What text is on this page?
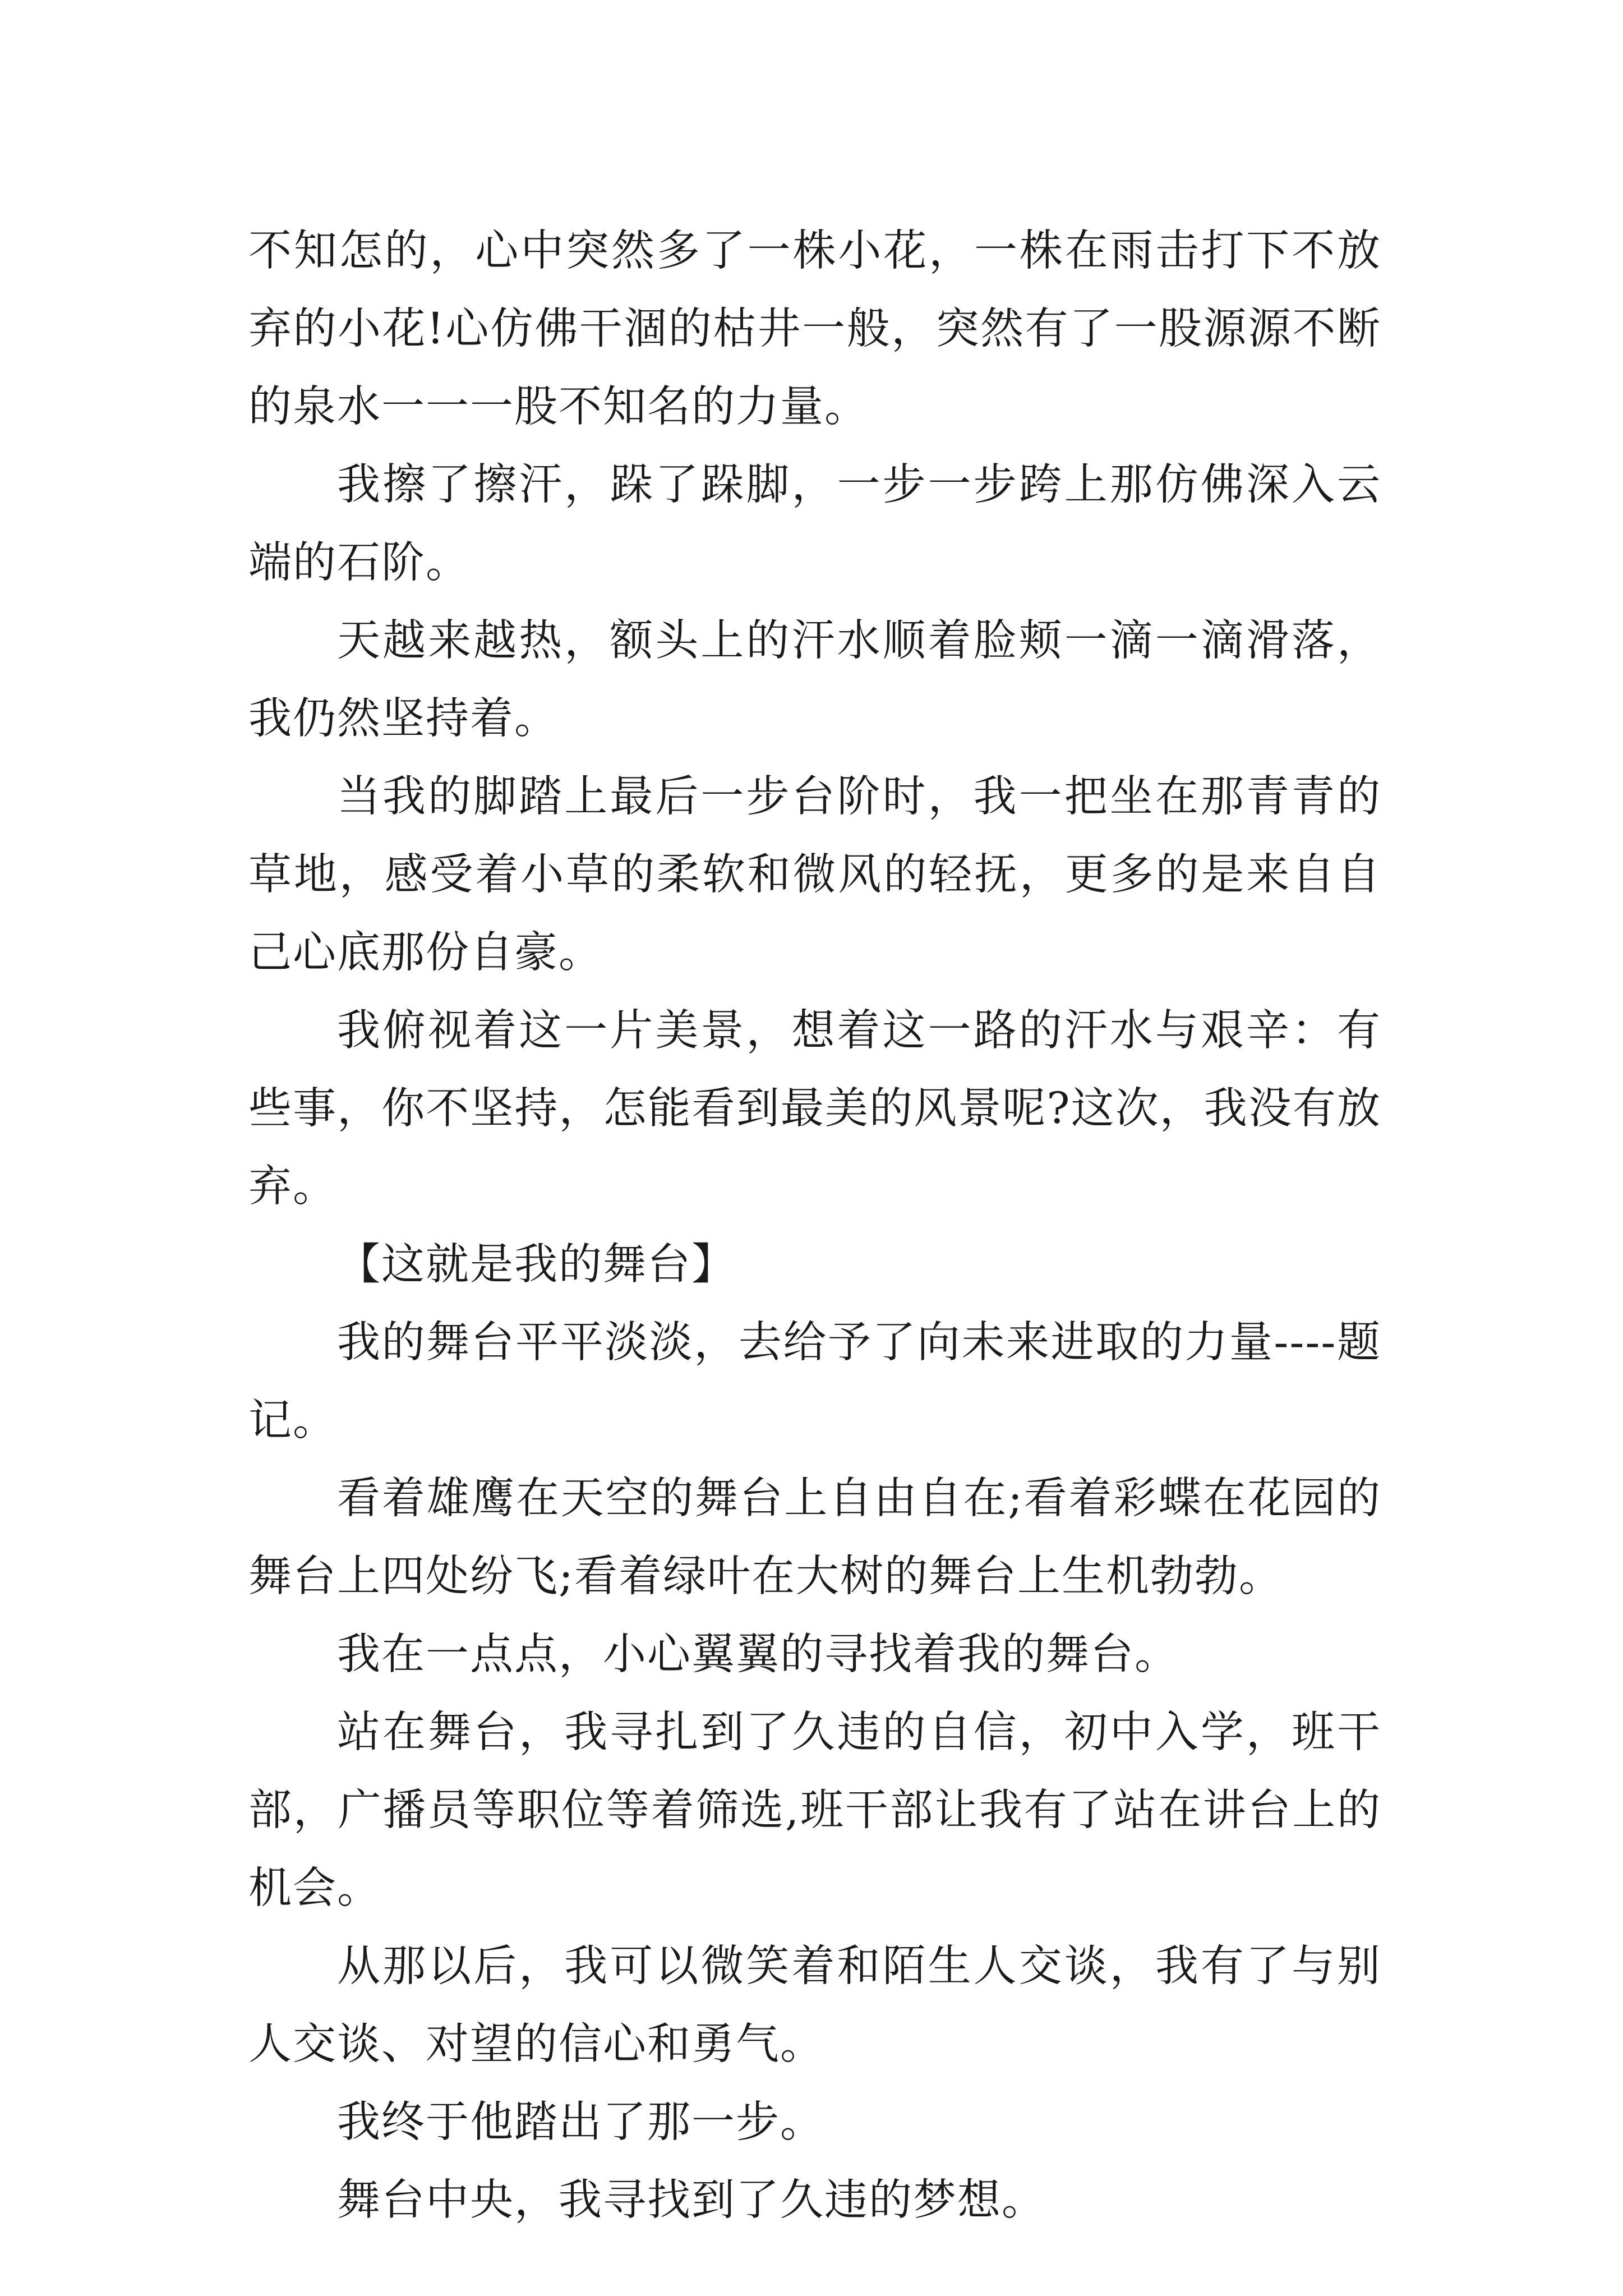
不知怎的，心中突然多了一株小花，一株在雨击打下不放弃的小花!心仿佛干涸的枯井一般，突然有了一股源源不断的泉水一一一股不知名的力量。

我擦了擦汗，跺了跺脚，一步一步跨上那仿佛深入云端的石阶。

天越来越热，额头上的汗水顺着脸颊一滴一滴滑落，我仍然坚持着。

当我的脚踏上最后一步台阶时，我一把坐在那青青的草地，感受着小草的柔软和微风的轻抚，更多的是来自自己心底那份自豪。

我俯视着这一片美景，想着这一路的汗水与艰辛：有些事，你不坚持，怎能看到最美的风景呢?这次，我没有放弃。

【这就是我的舞台】

我的舞台平平淡淡，去给予了向未来进取的力量----题记。

看着雄鹰在天空的舞台上自由自在;看着彩蝶在花园的舞台上四处纷飞;看着绿叶在大树的舞台上生机勃勃。

我在一点点，小心翼翼的寻找着我的舞台。

站在舞台，我寻扎到了久违的自信，初中入学，班干部，广播员等职位等着筛选,班干部让我有了站在讲台上的机会。

从那以后，我可以微笑着和陌生人交谈，我有了与别人交谈、对望的信心和勇气。

我终于他踏出了那一步。

舞台中央，我寻找到了久违的梦想。
